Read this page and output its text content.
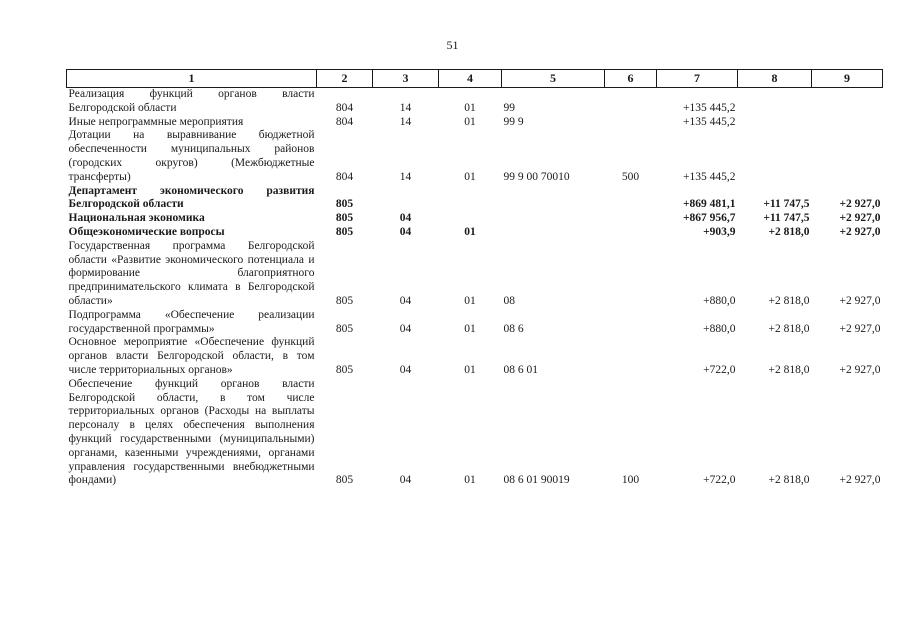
51
1	2	3	4	5	6	7	8	9
Реализация функций органов власти Белгородской области	804	14	01	99		+135 445,2		
Иные непрограммные мероприятия	804	14	01	99 9		+135 445,2		
Дотации на выравнивание бюджетной обеспеченности муниципальных районов (городских округов) (Межбюджетные трансферты)	804	14	01	99 9 00 70010	500	+135 445,2		
Департамент экономического развития Белгородской области	805					+869 481,1	+11 747,5	+2 927,0
Национальная экономика	805	04				+867 956,7	+11 747,5	+2 927,0
Общеэкономические вопросы	805	04	01			+903,9	+2 818,0	+2 927,0
Государственная программа Белгородской области «Развитие экономического потенциала и формирование благоприятного предпринимательского климата в Белгородской области»	805	04	01	08		+880,0	+2 818,0	+2 927,0
Подпрограмма «Обеспечение реализации государственной программы»	805	04	01	08 6		+880,0	+2 818,0	+2 927,0
Основное мероприятие «Обеспечение функций органов власти Белгородской области, в том числе территориальных органов»	805	04	01	08 6 01		+722,0	+2 818,0	+2 927,0
Обеспечение функций органов власти Белгородской области, в том числе территориальных органов (Расходы на выплаты персоналу в целях обеспечения выполнения функций государственными (муниципальными) органами, казенными учреждениями, органами управления государственными внебюджетными фондами)	805	04	01	08 6 01 90019	100	+722,0	+2 818,0	+2 927,0
